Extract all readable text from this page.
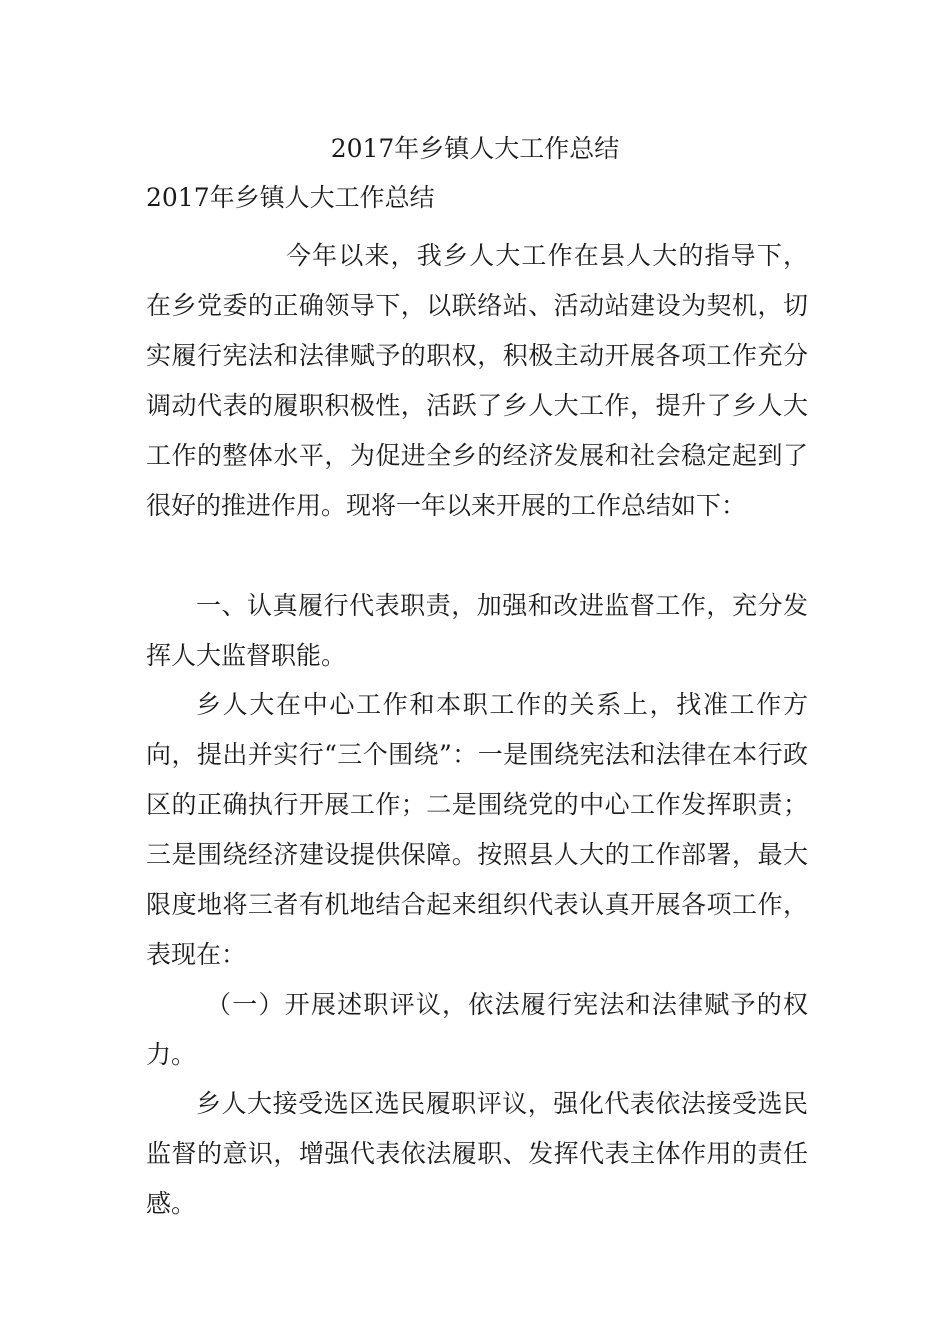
2017年乡镇人大工作总结
2017年乡镇人大工作总结

今年以来，我乡人大工作在县人大的指导下，在乡党委的正确领导下，以联络站、活动站建设为契机，切实履行宪法和法律赋予的职权，积极主动开展各项工作充分调动代表的履职积极性，活跃了乡人大工作，提升了乡人大工作的整体水平，为促进全乡的经济发展和社会稳定起到了很好的推进作用。现将一年以来开展的工作总结如下：

一、认真履行代表职责，加强和改进监督工作，充分发挥人大监督职能。

乡人大在中心工作和本职工作的关系上，找准工作方向，提出并实行“三个围绕”：一是围绕宪法和法律在本行政区的正确执行开展工作；二是围绕党的中心工作发挥职责；三是围绕经济建设提供保障。按照县人大的工作部署，最大限度地将三者有机地结合起来组织代表认真开展各项工作，表现在：

（一）开展述职评议，依法履行宪法和法律赋予的权力。

乡人大接受选区选民履职评议，强化代表依法接受选民监督的意识，增强代表依法履职、发挥代表主体作用的责任感。
